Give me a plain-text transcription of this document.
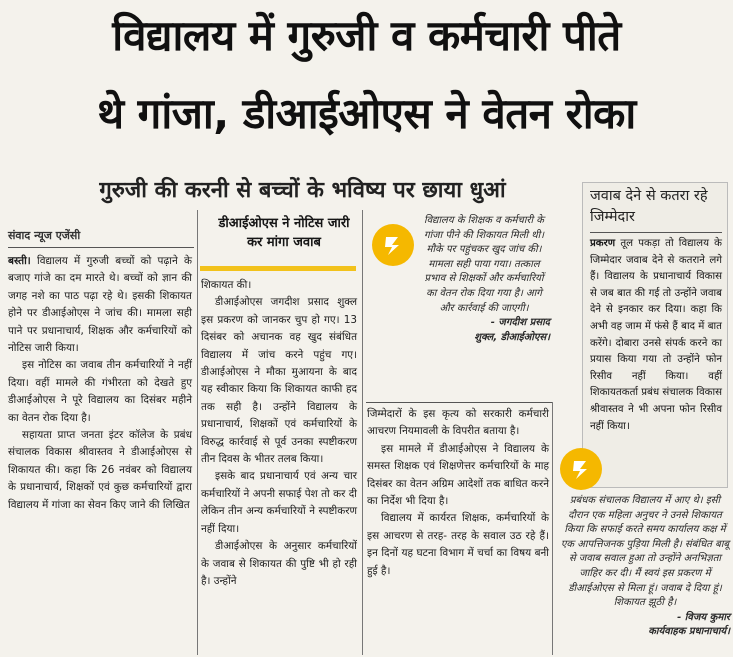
विद्यालय में गुरुजी व कर्मचारी पीते
थे गांजा, डीआईओएस ने वेतन रोका
गुरुजी की करनी से बच्चों के भविष्य पर छाया धुआं
संवाद न्यूज एजेंसी

बस्ती। विद्यालय में गुरुजी बच्चों को पढ़ाने के बजाए गांजे का दम मारते थे। बच्चों को ज्ञान की जगह नशे का पाठ पढ़ा रहे थे। इसकी शिकायत होने पर डीआईओएस ने जांच की। मामला सही पाने पर प्रधानाचार्य, शिक्षक और कर्मचारियों को नोटिस जारी किया।

इस नोटिस का जवाब तीन कर्मचारियों ने नहीं दिया। वहीं मामले की गंभीरता को देखते हुए डीआईओएस ने पूरे विद्यालय का दिसंबर महीने का वेतन रोक दिया है।

सहायता प्राप्त जनता इंटर कॉलेज के प्रबंध संचालक विकास श्रीवास्तव ने डीआईओएस से शिकायत की। कहा कि 26 नवंबर को विद्यालय के प्रधानाचार्य, शिक्षकों एवं कुछ कर्मचारियों द्वारा विद्यालय में गांजा का सेवन किए जाने की लिखित

डीआईओएस ने नोटिस जारी कर मांगा जवाब

शिकायत की।

डीआईओएस जगदीश प्रसाद शुक्ल इस प्रकरण को जानकर चुप हो गए। 13 दिसंबर को अचानक वह खुद संबंधित विद्यालय में जांच करने पहुंच गए। डीआईओएस ने मौका मुआयना के बाद यह स्वीकार किया कि शिकायत काफी हद तक सही है। उन्होंने विद्यालय के प्रधानाचार्य, शिक्षकों एवं कर्मचारियों के विरुद्ध कार्रवाई से पूर्व उनका स्पष्टीकरण तीन दिवस के भीतर तलब किया।

इसके बाद प्रधानाचार्य एवं अन्य चार कर्मचारियों ने अपनी सफाई पेश तो कर दी लेकिन तीन अन्य कर्मचारियों ने स्पष्टीकरण नहीं दिया।

डीआईओएस के अनुसार कर्मचारियों के जवाब से शिकायत की पुष्टि भी हो रही है। उन्होंने

विद्यालय के शिक्षक व कर्मचारी के गांजा पीने की शिकायत मिली थी। मौके पर पहुंचकर खुद जांच की। मामला सही पाया गया। तत्काल प्रभाव से शिक्षकों और कर्मचारियों का वेतन रोक दिया गया है। आगे और कार्रवाई की जाएगी।

- जगदीश प्रसाद

शुक्ल, डीआईओएस।

जिम्मेदारों के इस कृत्य को सरकारी कर्मचारी आचरण नियमावली के विपरीत बताया है।

इस मामले में डीआईओएस ने विद्यालय के समस्त शिक्षक एवं शिक्षणेत्तर कर्मचारियों के माह दिसंबर का वेतन अग्रिम आदेशों तक बाधित करने का निर्देश भी दिया है।

विद्यालय में कार्यरत शिक्षक, कर्मचारियों के इस आचरण से तरह- तरह के सवाल उठ रहे हैं। इन दिनों यह घटना विभाग में चर्चा का विषय बनी हुई है।

जवाब देने से कतरा रहे जिम्मेदार
प्रकरण तूल पकड़ा तो विद्यालय के जिम्मेदार जवाब देने से कतराने लगे हैं। विद्यालय के प्रधानाचार्य विकास से जब बात की गई तो उन्होंने जवाब देने से इनकार कर दिया। कहा कि अभी वह जाम में फंसे हैं बाद में बात करेंगे। दोबारा उनसे संपर्क करने का प्रयास किया गया तो उन्होंने फोन रिसीव नहीं किया। वहीं शिकायतकर्ता प्रबंध संचालक विकास श्रीवास्तव ने भी अपना फोन रिसीव नहीं किया।

प्रबंधक संचालक विद्यालय में आए थे। इसी दौरान एक महिला अनुचर ने उनसे शिकायत किया कि सफाई करते समय कार्यालय कक्ष में एक आपत्तिजनक पुड़िया मिली है। संबंधित बाबू से जवाब सवाल हुआ तो उन्होंने अनभिज्ञता जाहिर कर दी। मैं स्वयं इस प्रकरण में डीआईओएस से मिला हूं। जवाब दे दिया हूं। शिकायत झूठी है।

- विजय कुमार

कार्यवाहक प्रधानाचार्य।
